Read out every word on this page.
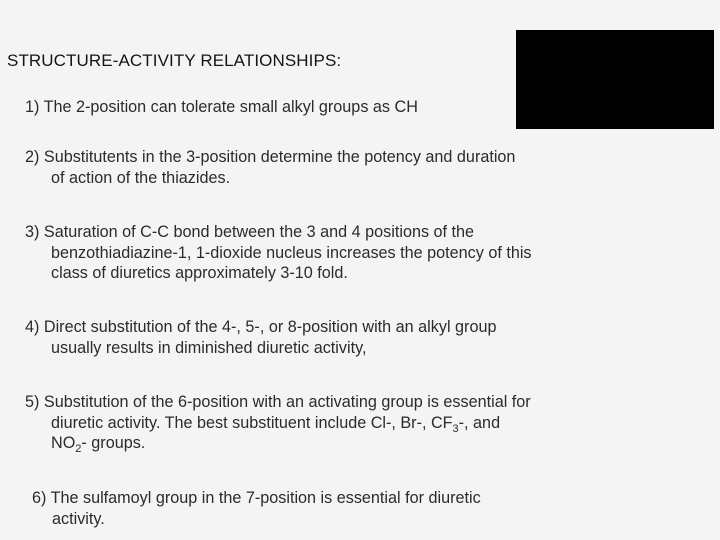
STRUCTURE-ACTIVITY RELATIONSHIPS:
1) The 2-position can tolerate small alkyl groups as CH
2) Substitutents in the 3-position determine the potency and duration
of action of the thiazides.
3) Saturation of C-C bond between the 3 and 4 positions of the
benzothiadiazine-1, 1-dioxide nucleus increases the potency of this
class of diuretics approximately 3-10 fold.
4) Direct substitution of the 4-, 5-, or 8-position with an alkyl group
usually results in diminished diuretic activity,
5) Substitution of the 6-position with an activating group is essential for
diuretic activity. The best substituent include Cl-, Br-, $CF_3-$, and
$NO_2-$ groups.
6) The sulfamoyl group in the 7-position is essential for diuretic
activity.
